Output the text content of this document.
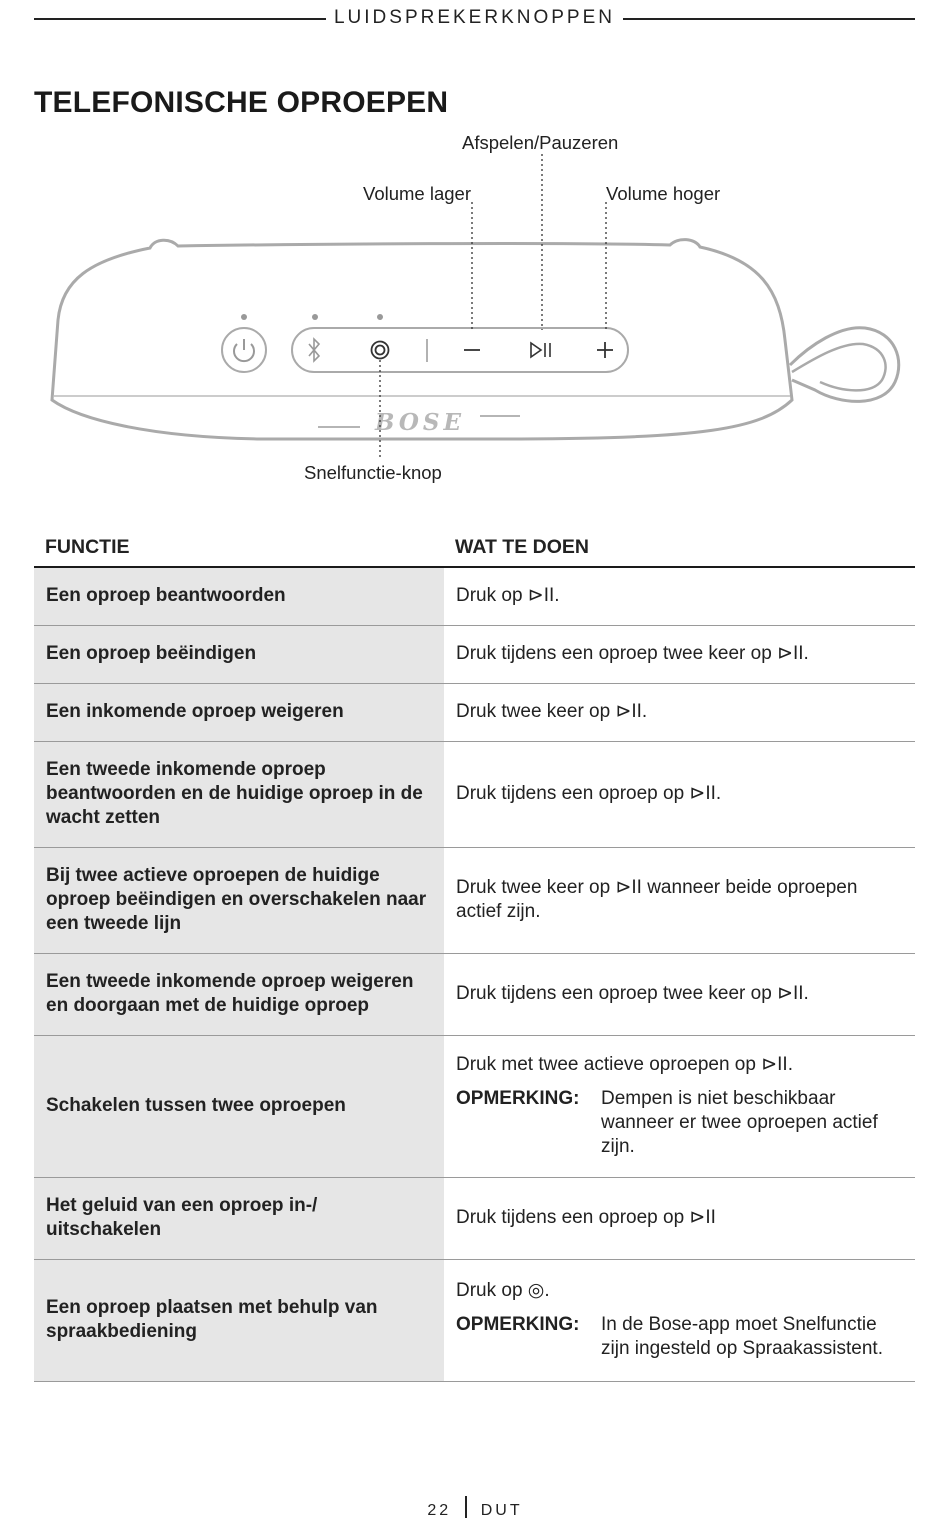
LUIDSPREKERKNOPPEN
TELEFONISCHE OPROEPEN
BOSE
Afspelen/Pauzeren
Volume lager	Volume hoger
Snelfunctie-knop
FUNCTIE	WAT TE DOEN
Een oproep beantwoorden	Druk op ⊳II.
Een oproep beëindigen	Druk tijdens een oproep twee keer op ⊳II.
Een inkomende oproep weigeren	Druk twee keer op ⊳II.
Een tweede inkomende oproep beantwoorden en de huidige oproep in de wacht zetten	Druk tijdens een oproep op ⊳II.
Bij twee actieve oproepen de huidige oproep beëindigen en overschakelen naar een tweede lijn	Druk twee keer op ⊳II wanneer beide oproepen actief zijn.
Een tweede inkomende oproep weigeren en doorgaan met de huidige oproep	Druk tijdens een oproep twee keer op ⊳II.
Schakelen tussen twee oproepen	Druk met twee actieve oproepen op ⊳II.
OPMERKING: Dempen is niet beschikbaar wanneer er twee oproepen actief zijn.

Het geluid van een oproep in-/ uitschakelen	Druk tijdens een oproep op ⊳II
Een oproep plaatsen met behulp van spraakbediening	Druk op ◎.
OPMERKING: In de Bose-app moet Snelfunctie zijn ingesteld op Spraakassistent.
22 DUT
